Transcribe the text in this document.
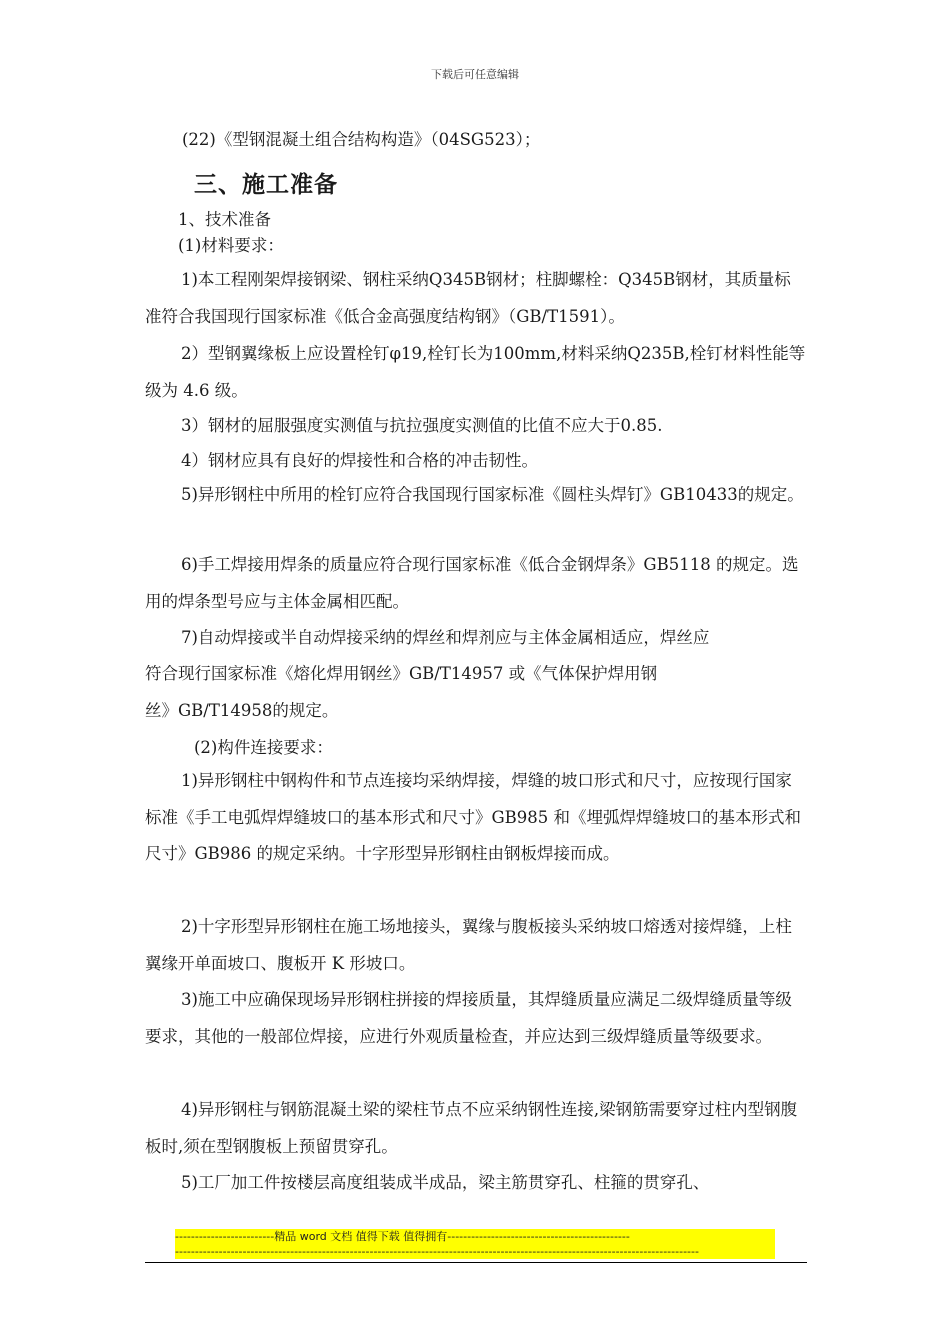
下载后可任意编辑
(22)《型钢混凝土组合结构构造》（04SG523）；
三、施工准备
1、技术准备
(1)材料要求：
1)本工程刚架焊接钢梁、钢柱采纳Q345B钢材；柱脚螺栓：Q345B钢材，其质量标准符合我国现行国家标准《低合金高强度结构钢》（GB/T1591）。
2）型钢翼缘板上应设置栓钉φ19,栓钉长为100mm,材料采纳Q235B,栓钉材料性能等级为 4.6 级。
3）钢材的屈服强度实测值与抗拉强度实测值的比值不应大于0.85.
4）钢材应具有良好的焊接性和合格的冲击韧性。
5)异形钢柱中所用的栓钉应符合我国现行国家标准《圆柱头焊钉》GB10433的规定。
6)手工焊接用焊条的质量应符合现行国家标准《低合金钢焊条》GB5118 的规定。选用的焊条型号应与主体金属相匹配。
7)自动焊接或半自动焊接采纳的焊丝和焊剂应与主体金属相适应，焊丝应
符合现行国家标准《熔化焊用钢丝》GB/T14957 或《气体保护焊用钢
丝》GB/T14958的规定。
(2)构件连接要求：
1)异形钢柱中钢构件和节点连接均采纳焊接，焊缝的坡口形式和尺寸，应按现行国家标准《手工电弧焊焊缝坡口的基本形式和尺寸》GB985 和《埋弧焊焊缝坡口的基本形式和尺寸》GB986 的规定采纳。十字形型异形钢柱由钢板焊接而成。
2)十字形型异形钢柱在施工场地接头，翼缘与腹板接头采纳坡口熔透对接焊缝，上柱翼缘开单面坡口、腹板开 K 形坡口。
3)施工中应确保现场异形钢柱拼接的焊接质量，其焊缝质量应满足二级焊缝质量等级要求，其他的一般部位焊接，应进行外观质量检查，并应达到三级焊缝质量等级要求。
4)异形钢柱与钢筋混凝土梁的梁柱节点不应采纳钢性连接,梁钢筋需要穿过柱内型钢腹板时,须在型钢腹板上预留贯穿孔。
5)工厂加工件按楼层高度组装成半成品，梁主筋贯穿孔、柱箍的贯穿孔、
-------------------------精品 word 文档 值得下载 值得拥有----------------------------------------------
------------------------------------------------------------------------------------------------------------------------------------
